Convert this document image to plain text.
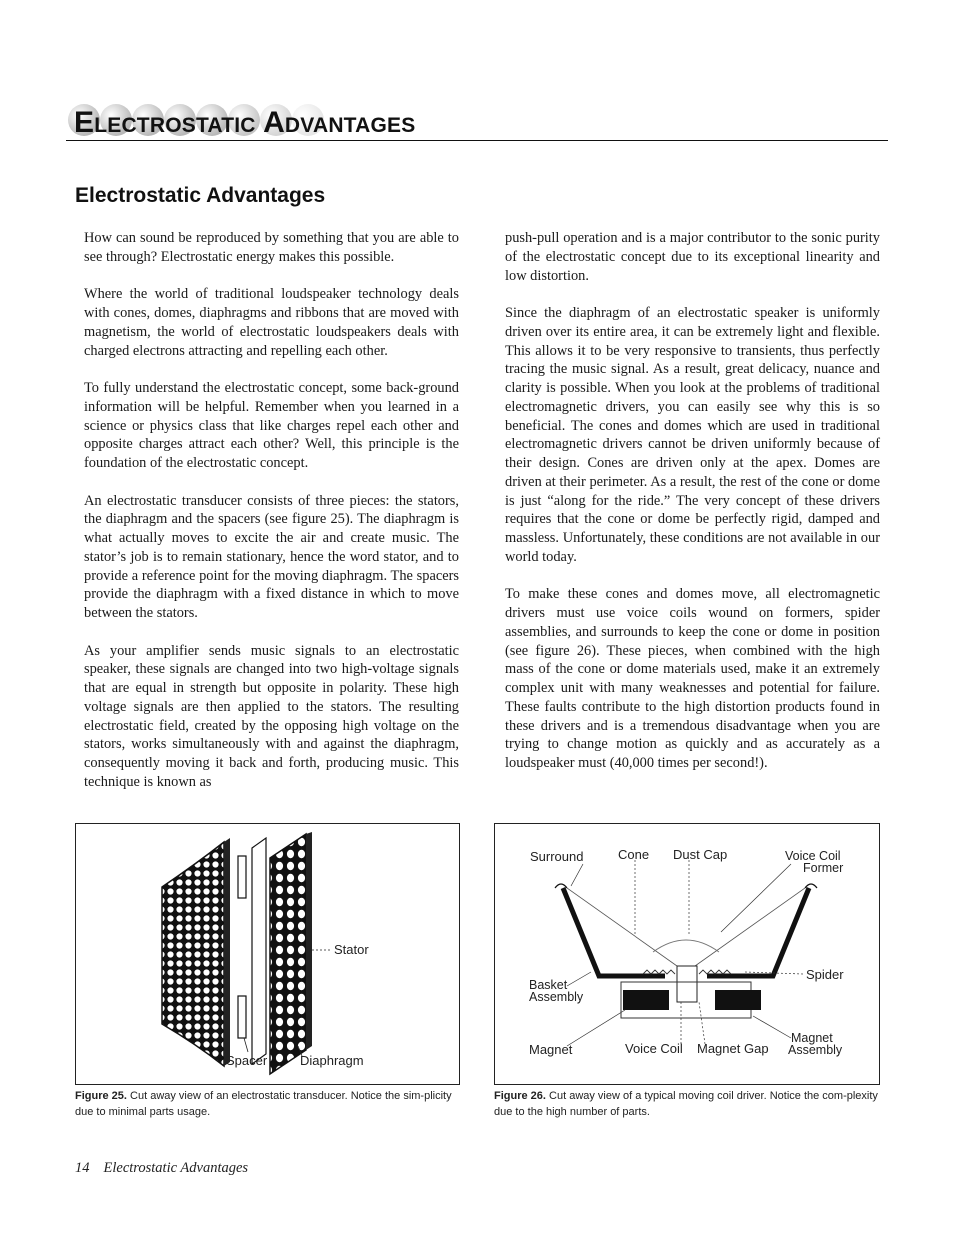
Electrostatic Advantages
Electrostatic Advantages

How can sound be reproduced by something that you are able to see through? Electrostatic energy makes this possible.

Where the world of traditional loudspeaker technology deals with cones, domes, diaphragms and ribbons that are moved with magnetism, the world of electrostatic loudspeakers deals with charged electrons attracting and repelling each other.

To fully understand the electrostatic concept, some back-ground information will be helpful. Remember when you learned in a science or physics class that like charges repel each other and opposite charges attract each other? Well, this principle is the foundation of the electrostatic concept.

An electrostatic transducer consists of three pieces: the stators, the diaphragm and the spacers (see figure 25). The diaphragm is what actually moves to excite the air and create music. The stator’s job is to remain stationary, hence the word stator, and to provide a reference point for the moving diaphragm. The spacers provide the diaphragm with a fixed distance in which to move between the stators.

As your amplifier sends music signals to an electrostatic speaker, these signals are changed into two high-voltage signals that are equal in strength but opposite in polarity. These high voltage signals are then applied to the stators. The resulting electrostatic field, created by the opposing high voltage on the stators, works simultaneously with and against the diaphragm, consequently moving it back and forth, producing music. This technique is known as

push-pull operation and is a major contributor to the sonic purity of the electrostatic concept due to its exceptional linearity and low distortion.

Since the diaphragm of an electrostatic speaker is uniformly driven over its entire area, it can be extremely light and flexible. This allows it to be very responsive to transients, thus perfectly tracing the music signal. As a result, great delicacy, nuance and clarity is possible. When you look at the problems of traditional electromagnetic drivers, you can easily see why this is so beneficial. The cones and domes which are used in traditional electromagnetic drivers cannot be driven uniformly because of their design. Cones are driven only at the apex. Domes are driven at their perimeter. As a result, the rest of the cone or dome is just “along for the ride.” The very concept of these drivers requires that the cone or dome be perfectly rigid, damped and massless. Unfortunately, these conditions are not available in our world today.

To make these cones and domes move, all electromagnetic drivers must use voice coils wound on formers, spider assemblies, and surrounds to keep the cone or dome in position (see figure 26). These pieces, when combined with the high mass of the cone or dome materials used, make it an extremely complex unit with many weaknesses and potential for failure. These faults contribute to the high distortion products found in these drivers and is a tremendous disadvantage when you are trying to change motion as quickly and as accurately as a loudspeaker must (40,000 times per second!).

Stator
Spacer	Diaphragm
Figure 25. Cut away view of an electrostatic transducer. Notice the sim-plicity due to minimal parts usage.
Surround	Cone Dust Cap	Voice Coil
Former
Spider
Basket
Assembly
Magnet	Voice Coil Magnet Gap
Magnet
Assembly
Figure 26. Cut away view of a typical moving coil driver. Notice the com-plexity due to the high number of parts.
14 Electrostatic Advantages
